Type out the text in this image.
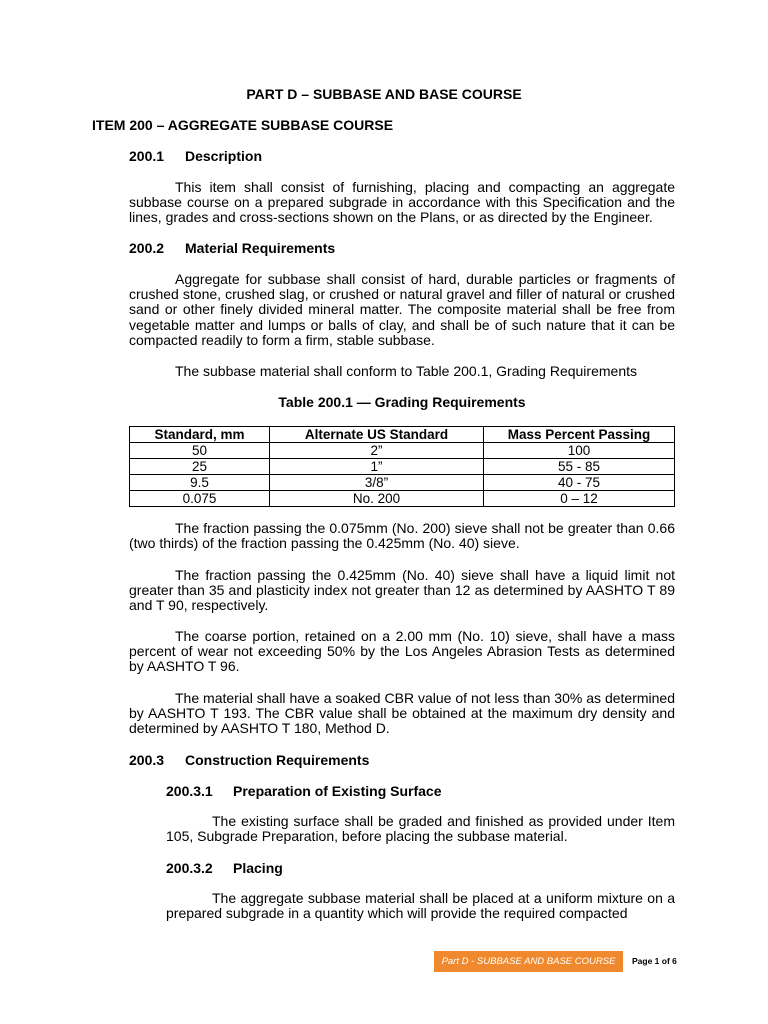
PART D – SUBBASE AND BASE COURSE
ITEM 200 – AGGREGATE SUBBASE COURSE
200.1 Description

This item shall consist of furnishing, placing and compacting an aggregate subbase course on a prepared subgrade in accordance with this Specification and the lines, grades and cross-sections shown on the Plans, or as directed by the Engineer.

200.2 Material Requirements

Aggregate for subbase shall consist of hard, durable particles or fragments of crushed stone, crushed slag, or crushed or natural gravel and filler of natural or crushed sand or other finely divided mineral matter. The composite material shall be free from vegetable matter and lumps or balls of clay, and shall be of such nature that it can be compacted readily to form a firm, stable subbase.

The subbase material shall conform to Table 200.1, Grading Requirements

Table 200.1 — Grading Requirements
Standard, mm	Alternate US Standard	Mass Percent Passing
50	2”	100
25	1”	55 - 85
9.5	3/8”	40 - 75
0.075	No. 200	0 – 12

The fraction passing the 0.075mm (No. 200) sieve shall not be greater than 0.66 (two thirds) of the fraction passing the 0.425mm (No. 40) sieve.

The fraction passing the 0.425mm (No. 40) sieve shall have a liquid limit not greater than 35 and plasticity index not greater than 12 as determined by AASHTO T 89 and T 90, respectively.

The coarse portion, retained on a 2.00 mm (No. 10) sieve, shall have a mass percent of wear not exceeding 50% by the Los Angeles Abrasion Tests as determined by AASHTO T 96.

The material shall have a soaked CBR value of not less than 30% as determined by AASHTO T 193. The CBR value shall be obtained at the maximum dry density and determined by AASHTO T 180, Method D.

200.3 Construction Requirements
200.3.1 Preparation of Existing Surface

The existing surface shall be graded and finished as provided under Item 105, Subgrade Preparation, before placing the subbase material.

200.3.2 Placing

The aggregate subbase material shall be placed at a uniform mixture on a prepared subgrade in a quantity which will provide the required compacted

Part D - SUBBASE AND BASE COURSE	Page 1 of 6
